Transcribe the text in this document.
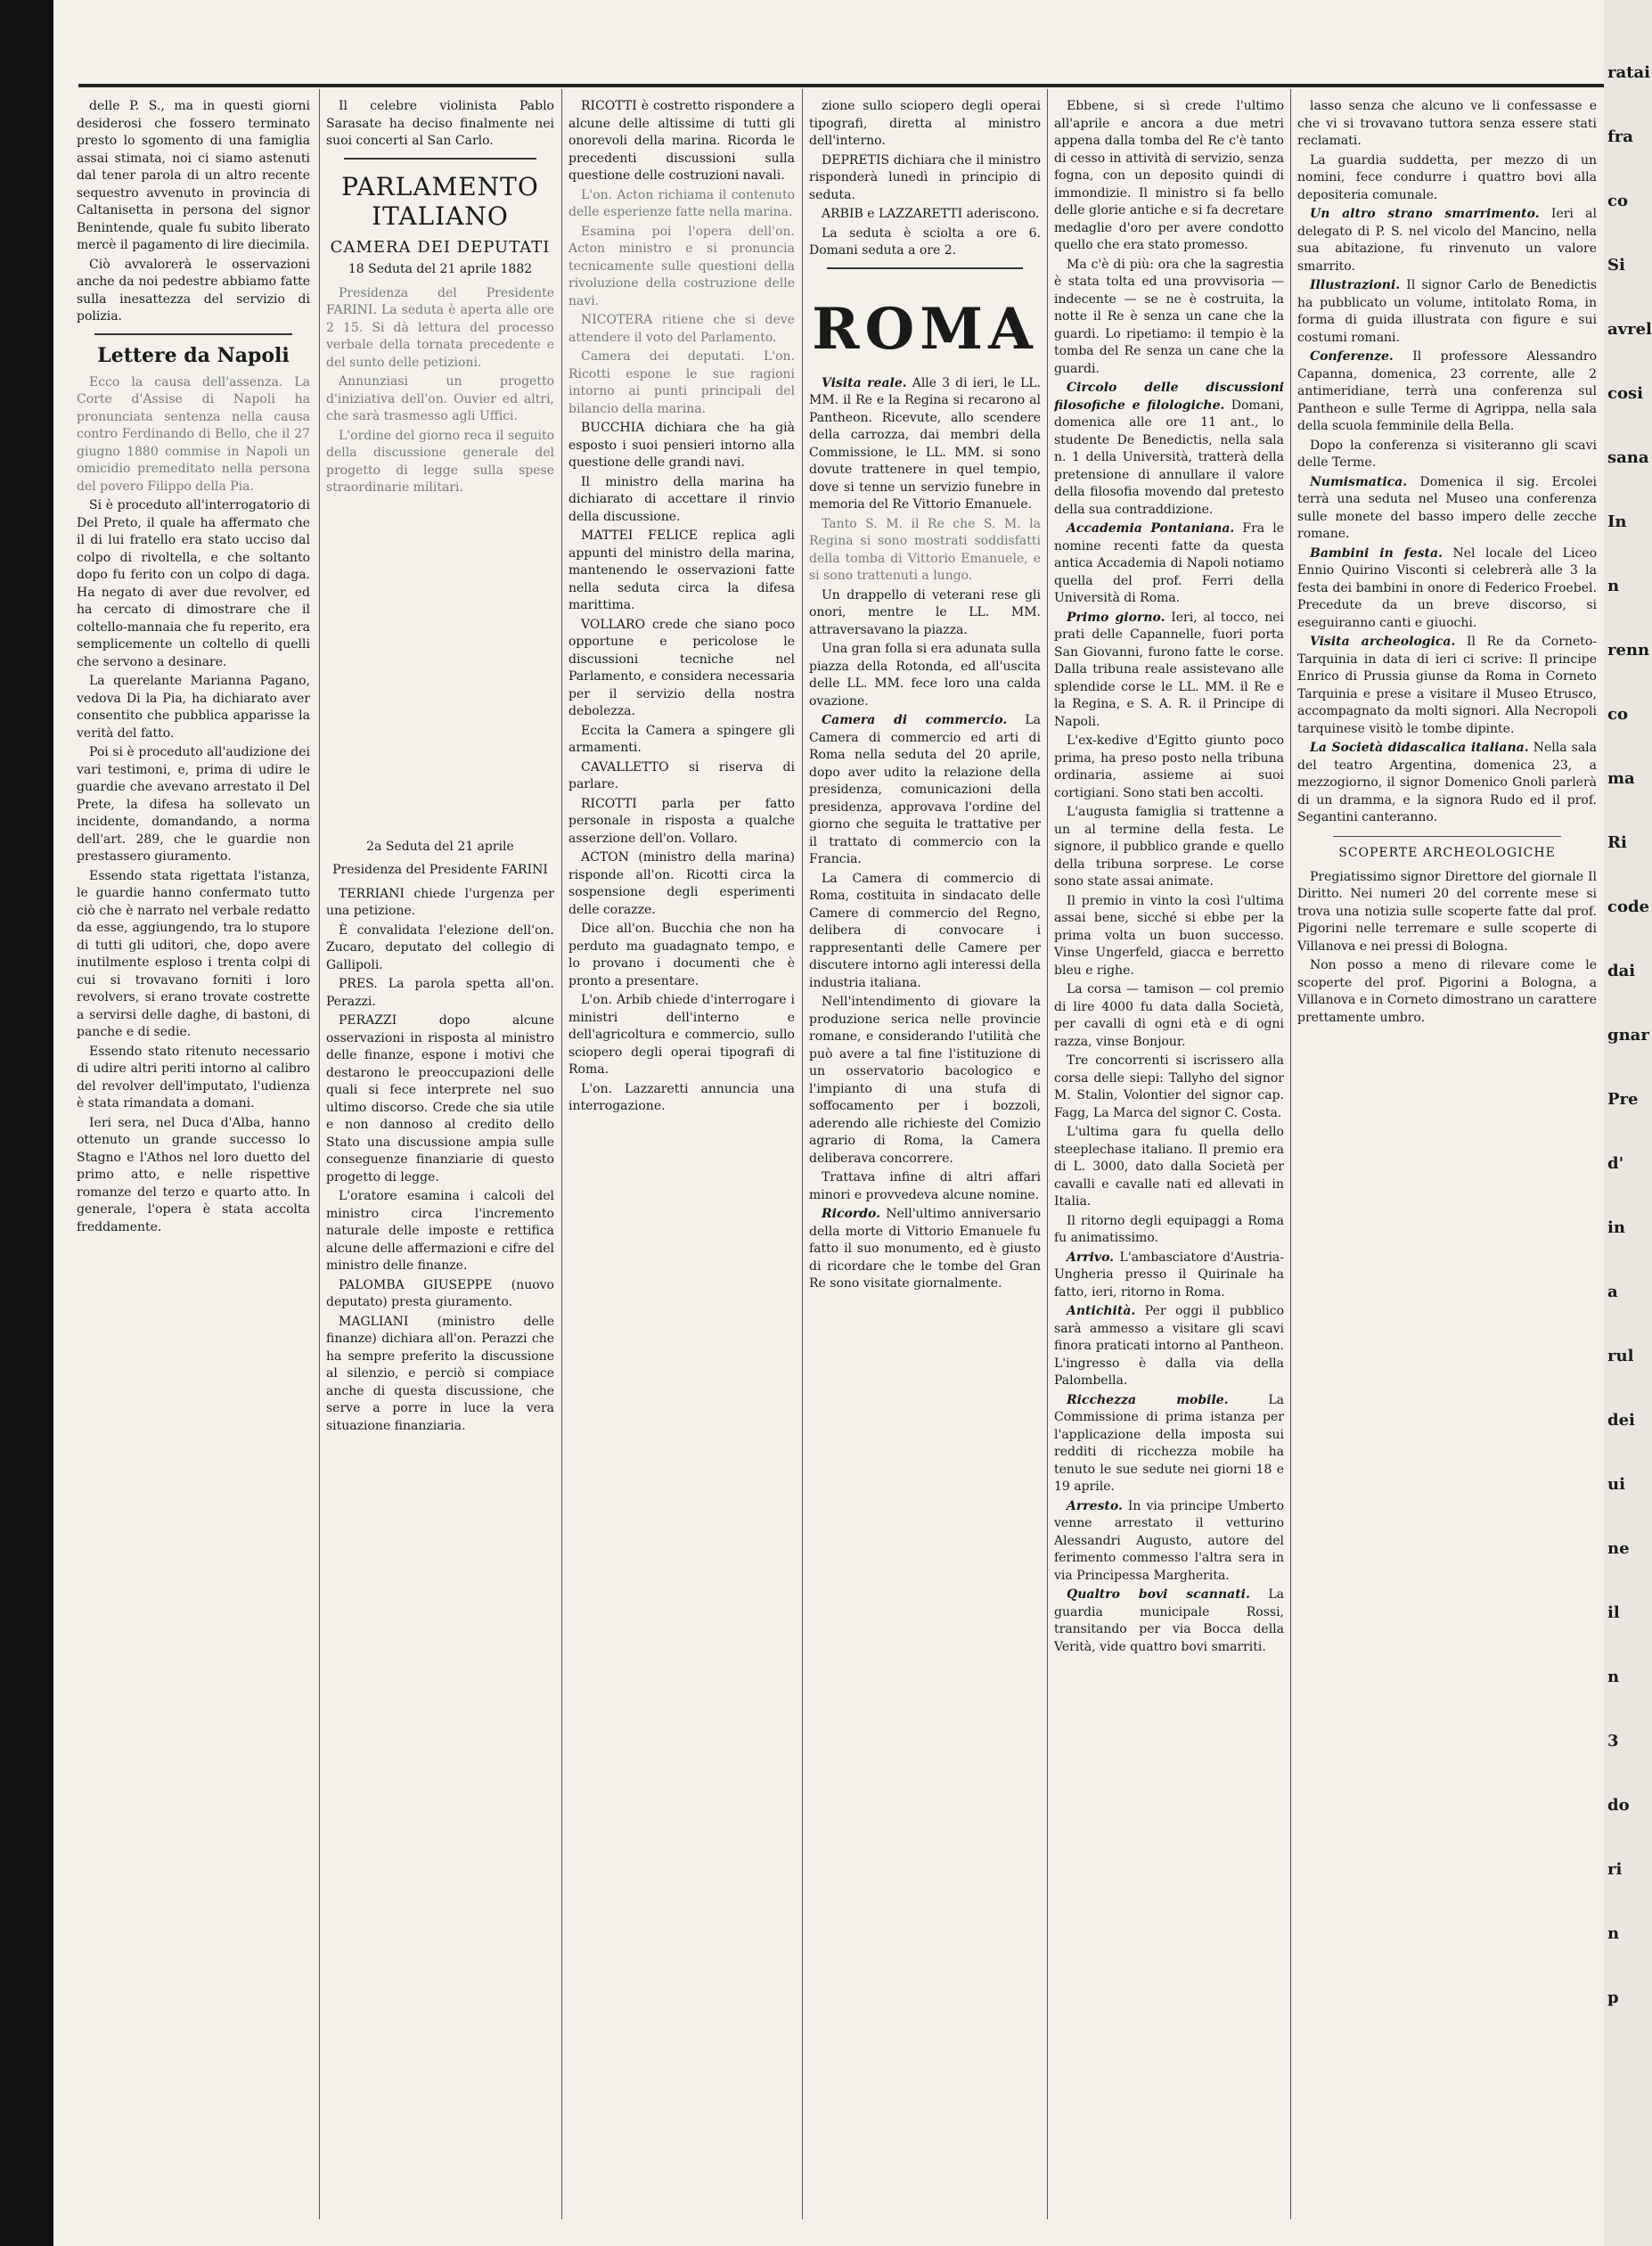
delle P. S., ma in questi giorni desiderosi che fossero terminato presto lo sgomento di una famiglia assai stimata, noi ci siamo astenuti dal tener parola di un altro recente sequestro avvenuto in provincia di Caltanisetta in persona del signor Benintende, quale fu subito liberato mercè il pagamento di lire diecimila.

Ciò avvalorerà le osservazioni anche da noi pedestre abbiamo fatte sulla inesattezza del servizio di polizia.

Lettere da Napoli

Ecco la causa dell'assenza. La Corte d'Assise di Napoli ha pronunciata sentenza nella causa contro Ferdinando di Bello, che il 27 giugno 1880 commise in Napoli un omicidio premeditato nella persona del povero Filippo della Pia.

Si è proceduto all'interrogatorio di Del Preto, il quale ha affermato che il di lui fratello era stato ucciso dal colpo di rivoltella, e che soltanto dopo fu ferito con un colpo di daga. Ha negato di aver due revolver, ed ha cercato di dimostrare che il coltello-mannaia che fu reperito, era semplicemente un coltello di quelli che servono a desinare.

La querelante Marianna Pagano, vedova Di la Pia, ha dichiarato aver consentito che pubblica apparisse la verità del fatto.

Poi si è proceduto all'audizione dei vari testimoni, e, prima di udire le guardie che avevano arrestato il Del Prete, la difesa ha sollevato un incidente, domandando, a norma dell'art. 289, che le guardie non prestassero giuramento.

Essendo stata rigettata l'istanza, le guardie hanno confermato tutto ciò che è narrato nel verbale redatto da esse, aggiungendo, tra lo stupore di tutti gli uditori, che, dopo avere inutilmente esploso i trenta colpi di cui si trovavano forniti i loro revolvers, si erano trovate costrette a servirsi delle daghe, di bastoni, di panche e di sedie.

Essendo stato ritenuto necessario di udire altri periti intorno al calibro del revolver dell'imputato, l'udienza è stata rimandata a domani.

Ieri sera, nel Duca d'Alba, hanno ottenuto un grande successo lo Stagno e l'Athos nel loro duetto del primo atto, e nelle rispettive romanze del terzo e quarto atto. In generale, l'opera è stata accolta freddamente.

Il celebre violinista Pablo Sarasate ha deciso finalmente nei suoi concerti al San Carlo.

PARLAMENTO ITALIANO
CAMERA DEI DEPUTATI
18 Seduta del 21 aprile 1882

Presidenza del Presidente FARINI. La seduta è aperta alle ore 2 15. Si dà lettura del processo verbale della tornata precedente e del sunto delle petizioni.

Annunziasi un progetto d'iniziativa dell'on. Ouvier ed altri, che sarà trasmesso agli Uffici.

L'ordine del giorno reca il seguito della discussione generale del progetto di legge sulla spese straordinarie militari.

2a Seduta del 21 aprile
Presidenza del Presidente FARINI

TERRIANI chiede l'urgenza per una petizione.

È convalidata l'elezione dell'on. Zucaro, deputato del collegio di Gallipoli.

PRES. La parola spetta all'on. Perazzi.

PERAZZI dopo alcune osservazioni in risposta al ministro delle finanze, espone i motivi che destarono le preoccupazioni delle quali si fece interprete nel suo ultimo discorso. Crede che sia utile e non dannoso al credito dello Stato una discussione ampia sulle conseguenze finanziarie di questo progetto di legge.

L'oratore esamina i calcoli del ministro circa l'incremento naturale delle imposte e rettifica alcune delle affermazioni e cifre del ministro delle finanze.

PALOMBA GIUSEPPE (nuovo deputato) presta giuramento.

MAGLIANI (ministro delle finanze) dichiara all'on. Perazzi che ha sempre preferito la discussione al silenzio, e perciò si compiace anche di questa discussione, che serve a porre in luce la vera situazione finanziaria.

RICOTTI è costretto rispondere a alcune delle altissime di tutti gli onorevoli della marina. Ricorda le precedenti discussioni sulla questione delle costruzioni navali.

L'on. Acton richiama il contenuto delle esperienze fatte nella marina.

Esamina poi l'opera dell'on. Acton ministro e si pronuncia tecnicamente sulle questioni della rivoluzione della costruzione delle navi.

NICOTERA ritiene che si deve attendere il voto del Parlamento.

Camera dei deputati. L'on. Ricotti espone le sue ragioni intorno ai punti principali del bilancio della marina.

BUCCHIA dichiara che ha già esposto i suoi pensieri intorno alla questione delle grandi navi.

Il ministro della marina ha dichiarato di accettare il rinvio della discussione.

MATTEI FELICE replica agli appunti del ministro della marina, mantenendo le osservazioni fatte nella seduta circa la difesa marittima.

VOLLARO crede che siano poco opportune e pericolose le discussioni tecniche nel Parlamento, e considera necessaria per il servizio della nostra debolezza.

Eccita la Camera a spingere gli armamenti.

CAVALLETTO si riserva di parlare.

RICOTTI parla per fatto personale in risposta a qualche asserzione dell'on. Vollaro.

ACTON (ministro della marina) risponde all'on. Ricotti circa la sospensione degli esperimenti delle corazze.

Dice all'on. Bucchia che non ha perduto ma guadagnato tempo, e lo provano i documenti che è pronto a presentare.

L'on. Arbib chiede d'interrogare i ministri dell'interno e dell'agricoltura e commercio, sullo sciopero degli operai tipografi di Roma.

L'on. Lazzaretti annuncia una interrogazione.

zione sullo sciopero degli operai tipografi, diretta al ministro dell'interno.

DEPRETIS dichiara che il ministro risponderà lunedì in principio di seduta.

ARBIB e LAZZARETTI aderiscono.

La seduta è sciolta a ore 6. Domani seduta a ore 2.

ROMA

Visita reale. Alle 3 di ieri, le LL. MM. il Re e la Regina si recarono al Pantheon. Ricevute, allo scendere della carrozza, dai membri della Commissione, le LL. MM. si sono dovute trattenere in quel tempio, dove si tenne un servizio funebre in memoria del Re Vittorio Emanuele.

Tanto S. M. il Re che S. M. la Regina si sono mostrati soddisfatti della tomba di Vittorio Emanuele, e si sono trattenuti a lungo.

Un drappello di veterani rese gli onori, mentre le LL. MM. attraversavano la piazza.

Una gran folla si era adunata sulla piazza della Rotonda, ed all'uscita delle LL. MM. fece loro una calda ovazione.

Camera di commercio. La Camera di commercio ed arti di Roma nella seduta del 20 aprile, dopo aver udito la relazione della presidenza, comunicazioni della presidenza, approvava l'ordine del giorno che seguita le trattative per il trattato di commercio con la Francia.

La Camera di commercio di Roma, costituita in sindacato delle Camere di commercio del Regno, delibera di convocare i rappresentanti delle Camere per discutere intorno agli interessi della industria italiana.

Nell'intendimento di giovare la produzione serica nelle provincie romane, e considerando l'utilità che può avere a tal fine l'istituzione di un osservatorio bacologico e l'impianto di una stufa di soffocamento per i bozzoli, aderendo alle richieste del Comizio agrario di Roma, la Camera deliberava concorrere.

Trattava infine di altri affari minori e provvedeva alcune nomine.

Ricordo. Nell'ultimo anniversario della morte di Vittorio Emanuele fu fatto il suo monumento, ed è giusto di ricordare che le tombe del Gran Re sono visitate giornalmente.

Ebbene, si sì crede l'ultimo all'aprile e ancora a due metri appena dalla tomba del Re c'è tanto di cesso in attività di servizio, senza fogna, con un deposito quindi di immondizie. Il ministro si fa bello delle glorie antiche e si fa decretare medaglie d'oro per avere condotto quello che era stato promesso.

Ma c'è di più: ora che la sagrestia è stata tolta ed una provvisoria — indecente — se ne è costruita, la notte il Re è senza un cane che la guardi. Lo ripetiamo: il tempio è la tomba del Re senza un cane che la guardi.

Circolo delle discussioni filosofiche e filologiche. Domani, domenica alle ore 11 ant., lo studente De Benedictis, nella sala n. 1 della Università, tratterà della pretensione di annullare il valore della filosofia movendo dal pretesto della sua contraddizione.

Accademia Pontaniana. Fra le nomine recenti fatte da questa antica Accademia di Napoli notiamo quella del prof. Ferri della Università di Roma.

Primo giorno. Ieri, al tocco, nei prati delle Capannelle, fuori porta San Giovanni, furono fatte le corse. Dalla tribuna reale assistevano alle splendide corse le LL. MM. il Re e la Regina, e S. A. R. il Principe di Napoli.

L'ex-kedive d'Egitto giunto poco prima, ha preso posto nella tribuna ordinaria, assieme ai suoi cortigiani. Sono stati ben accolti.

L'augusta famiglia si trattenne a un al termine della festa. Le signore, il pubblico grande e quello della tribuna sorprese. Le corse sono state assai animate.

Il premio in vinto la così l'ultima assai bene, sicché si ebbe per la prima volta un buon successo. Vinse Ungerfeld, giacca e berretto bleu e righe.

La corsa — tamison — col premio di lire 4000 fu data dalla Società, per cavalli di ogni età e di ogni razza, vinse Bonjour.

Tre concorrenti si iscrissero alla corsa delle siepi: Tallyho del signor M. Stalin, Volontier del signor cap. Fagg, La Marca del signor C. Costa.

L'ultima gara fu quella dello steeplechase italiano. Il premio era di L. 3000, dato dalla Società per cavalli e cavalle nati ed allevati in Italia.

Il ritorno degli equipaggi a Roma fu animatissimo.

Arrivo. L'ambasciatore d'Austria-Ungheria presso il Quirinale ha fatto, ieri, ritorno in Roma.

Antichità. Per oggi il pubblico sarà ammesso a visitare gli scavi finora praticati intorno al Pantheon. L'ingresso è dalla via della Palombella.

Ricchezza mobile.	La Commissione di prima istanza per l'applicazione della imposta sui redditi di ricchezza mobile ha tenuto le sue sedute nei giorni 18 e 19 aprile.

Arresto. In via principe Umberto venne arrestato il vetturino Alessandri Augusto, autore del ferimento commesso l'altra sera in via Principessa Margherita.

Qualtro bovi scannati. La guardia municipale Rossi, transitando per via Bocca della Verità, vide quattro bovi smarriti.

lasso senza che alcuno ve li confessasse e che vi si trovavano tuttora senza essere stati reclamati.

La guardia suddetta, per mezzo di un nomini, fece condurre i quattro bovi alla depositeria comunale.

Un altro strano smarrimento. Ieri al delegato di P. S. nel vicolo del Mancino, nella sua abitazione, fu rinvenuto un valore smarrito.

Illustrazioni. Il signor Carlo de Benedictis ha pubblicato un volume, intitolato Roma, in forma di guida illustrata con figure e sui costumi romani.

Conferenze. Il professore Alessandro Capanna, domenica, 23 corrente, alle 2 antimeridiane, terrà una conferenza sul Pantheon e sulle Terme di Agrippa, nella sala della scuola femminile della Bella.

Dopo la conferenza si visiteranno gli scavi delle Terme.

Numismatica. Domenica il sig. Ercolei terrà una seduta nel Museo una conferenza sulle monete del basso impero delle zecche romane.

Bambini in festa. Nel locale del Liceo Ennio Quirino Visconti si celebrerà alle 3 la festa dei bambini in onore di Federico Froebel. Precedute da un breve discorso, si eseguiranno canti e giuochi.

Visita archeologica. Il Re da Corneto-Tarquinia in data di ieri ci scrive: Il principe Enrico di Prussia giunse da Roma in Corneto Tarquinia e prese a visitare il Museo Etrusco, accompagnato da molti signori. Alla Necropoli tarquinese visitò le tombe dipinte.

La Società didascalica italiana. Nella sala del teatro Argentina, domenica 23, a mezzogiorno, il signor Domenico Gnoli parlerà di un dramma, e la signora Rudo ed il prof. Segantini canteranno.

SCOPERTE ARCHEOLOGICHE

Pregiatissimo signor Direttore del giornale Il Diritto. Nei numeri 20 del corrente mese si trova una notizia sulle scoperte fatte dal prof. Pigorini nelle terremare e sulle scoperte di Villanova e nei pressi di Bologna.

Non posso a meno di rilevare come le scoperte del prof. Pigorini a Bologna, a Villanova e in Corneto dimostrano un carattere prettamente umbro.

ratai
fra
co
Si
avrel
cosi
sana
In
n
renn
co
ma
Ri
code
dai
gnar
Pre
d'
in
a
rul
dei
ui
ne
il
n
3
do
ri
n
p
